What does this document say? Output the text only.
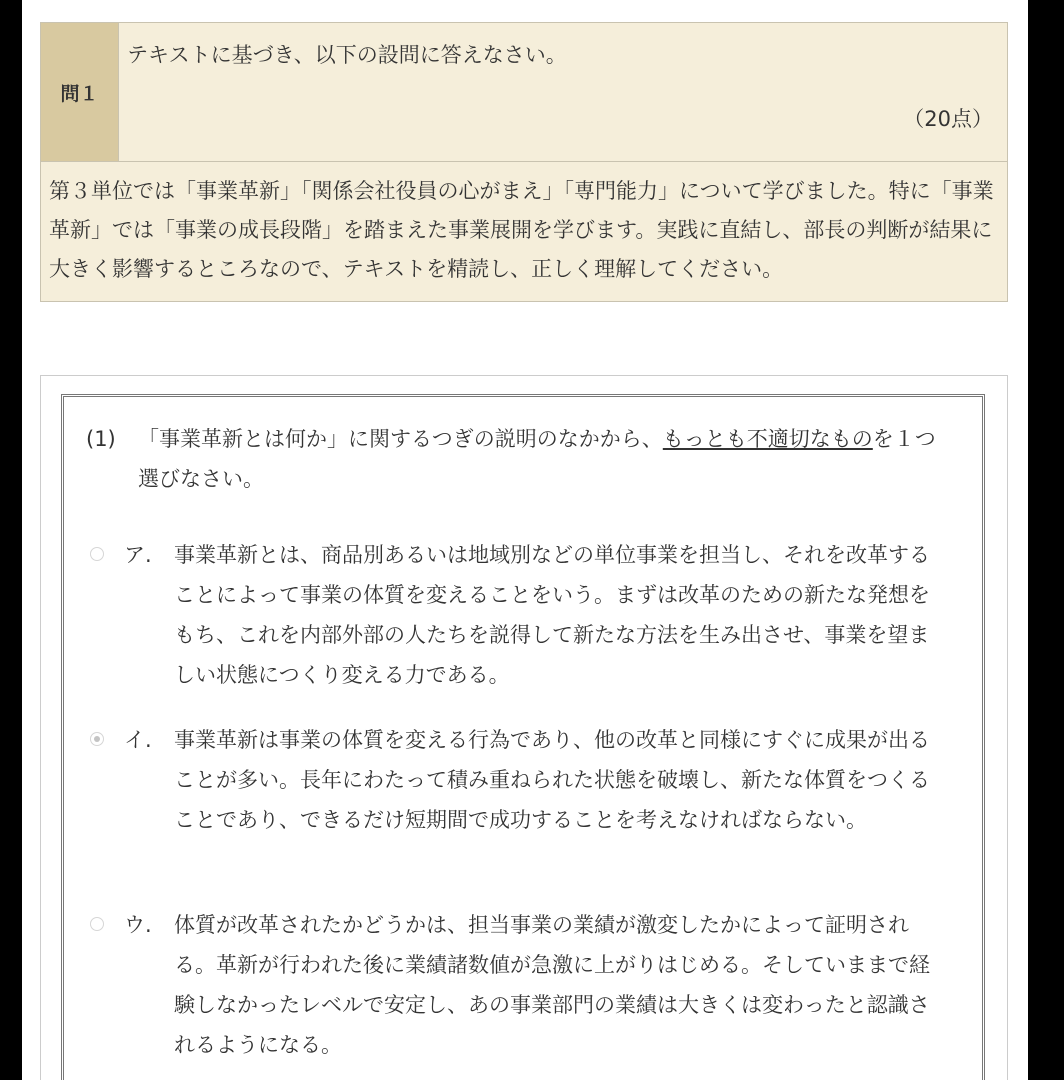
問１
テキストに基づき、以下の設問に答えなさい。
（20点）
第３単位では「事業革新」「関係会社役員の心がまえ」「専門能力」について学びました。特に「事業革新」では「事業の成長段階」を踏まえた事業展開を学びます。実践に直結し、部長の判断が結果に大きく影響するところなので、テキストを精読し、正しく理解してください。
(1) 「事業革新とは何か」に関するつぎの説明のなかから、もっとも不適切なものを１つ選びなさい。
ア. 事業革新とは、商品別あるいは地域別などの単位事業を担当し、それを改革することによって事業の体質を変えることをいう。まずは改革のための新たな発想をもち、これを内部外部の人たちを説得して新たな方法を生み出させ、事業を望ましい状態につくり変える力である。
イ. 事業革新は事業の体質を変える行為であり、他の改革と同様にすぐに成果が出ることが多い。長年にわたって積み重ねられた状態を破壊し、新たな体質をつくることであり、できるだけ短期間で成功することを考えなければならない。
ウ. 体質が改革されたかどうかは、担当事業の業績が激変したかによって証明される。革新が行われた後に業績諸数値が急激に上がりはじめる。そしていままで経験しなかったレベルで安定し、あの事業部門の業績は大きくは変わったと認識されるようになる。
